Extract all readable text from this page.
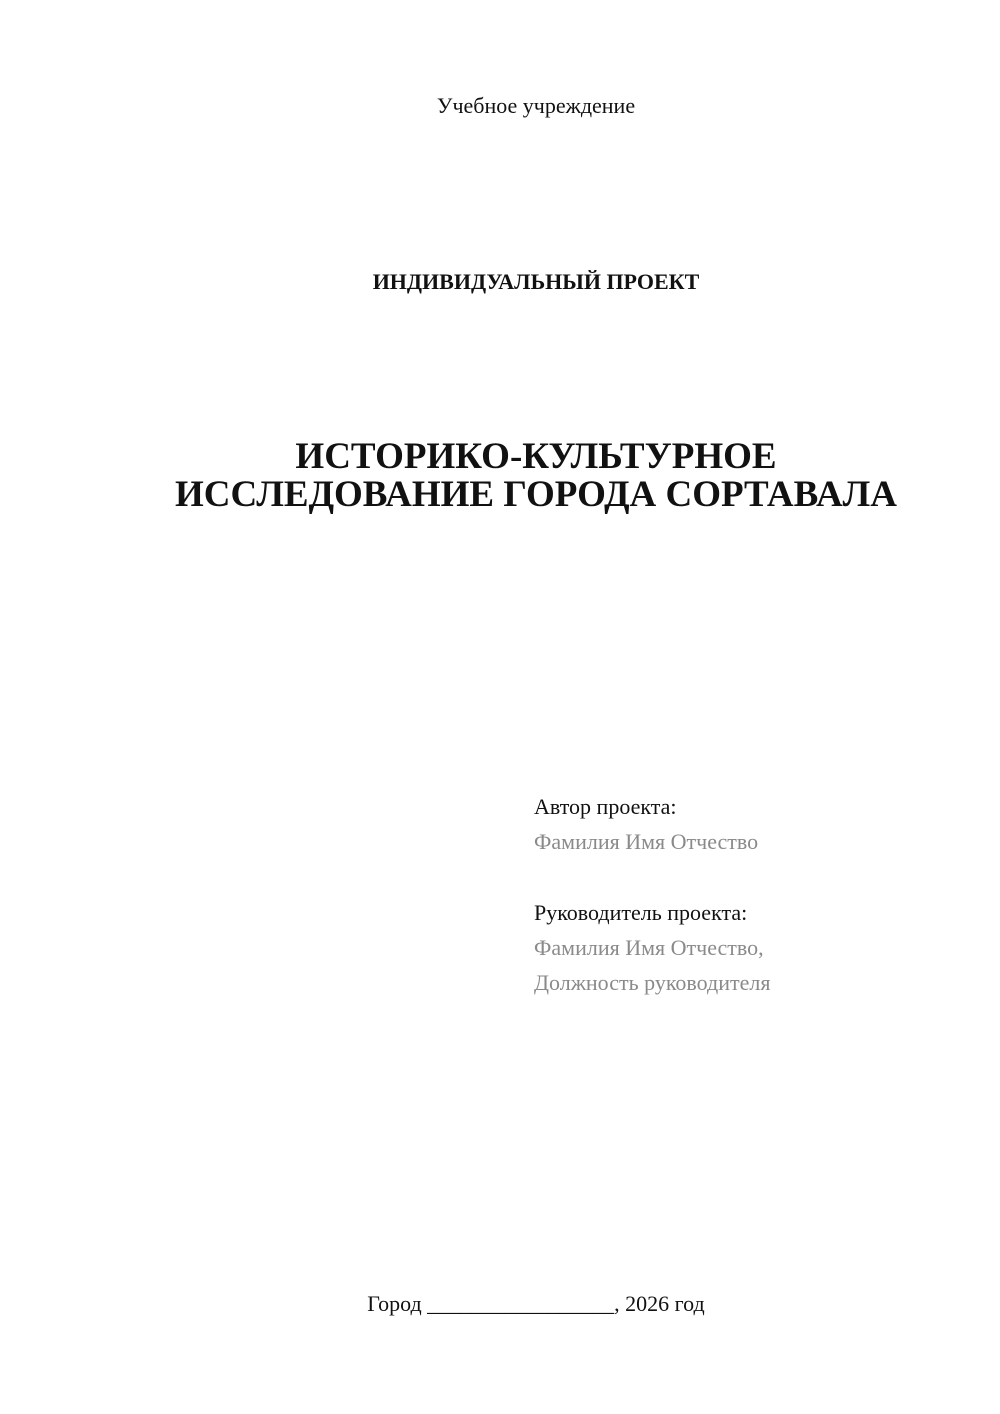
Учебное учреждение
ИНДИВИДУАЛЬНЫЙ ПРОЕКТ
ИСТОРИКО-КУЛЬТУРНОЕ
ИССЛЕДОВАНИЕ ГОРОДА СОРТАВАЛА
Автор проекта:
Фамилия Имя Отчество
Руководитель проекта:
Фамилия Имя Отчество,
Должность руководителя
Город _________________, 2026 год
